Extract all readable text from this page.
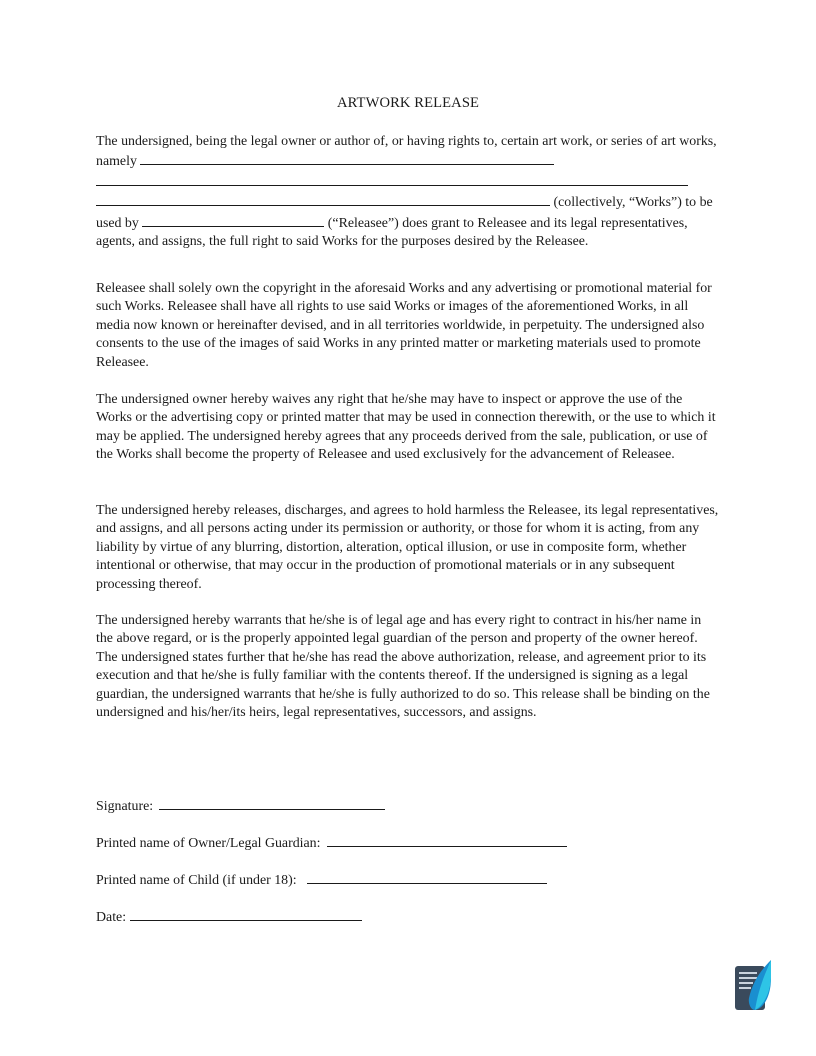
ARTWORK RELEASE

The undersigned, being the legal owner or author of, or having rights to, certain art work, or series of art works, namely    (collectively, “Works”) to be used by	(“Releasee”) does grant to Releasee and its legal representatives, agents, and assigns, the full right to said Works for the purposes desired by the Releasee.

Releasee shall solely own the copyright in the aforesaid Works and any advertising or promotional material for such Works. Releasee shall have all rights to use said Works or images of the aforementioned Works, in all media now known or hereinafter devised, and in all territories worldwide, in perpetuity. The undersigned also consents to the use of the images of said Works in any printed matter or marketing materials used to promote Releasee.

The undersigned owner hereby waives any right that he/she may have to inspect or approve the use of the Works or the advertising copy or printed matter that may be used in connection therewith, or the use to which it may be applied. The undersigned hereby agrees that any proceeds derived from the sale, publication, or use of the Works shall become the property of Releasee and used exclusively for the advancement of Releasee.

The undersigned hereby releases, discharges, and agrees to hold harmless the Releasee, its legal representatives, and assigns, and all persons acting under its permission or authority, or those for whom it is acting, from any liability by virtue of any blurring, distortion, alteration, optical illusion, or use in composite form, whether intentional or otherwise, that may occur in the production of promotional materials or in any subsequent processing thereof.

The undersigned hereby warrants that he/she is of legal age and has every right to contract in his/her name in the above regard, or is the properly appointed legal guardian of the person and property of the owner hereof. The undersigned states further that he/she has read the above authorization, release, and agreement prior to its execution and that he/she is fully familiar with the contents thereof. If the undersigned is signing as a legal guardian, the undersigned warrants that he/she is fully authorized to do so. This release shall be binding on the undersigned and his/her/its heirs, legal representatives, successors, and assigns.

Signature:
Printed name of Owner/Legal Guardian:
Printed name of Child (if under 18):
Date:
